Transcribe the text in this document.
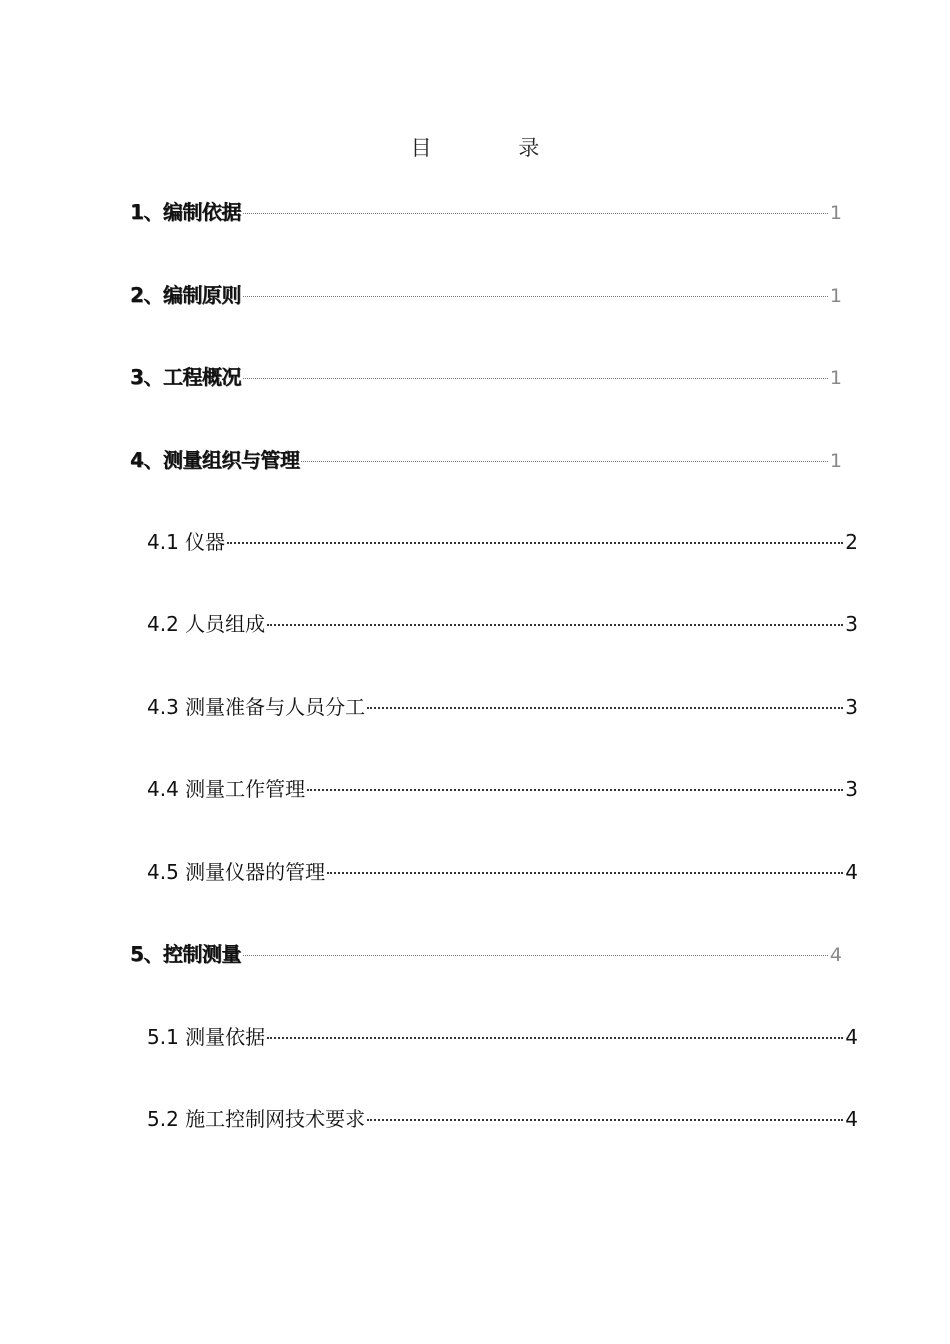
目 录
1、编制依据	1
2、编制原则	1
3、工程概况	1
4、测量组织与管理	1
4.1 仪器	2
4.2 人员组成	3
4.3 测量准备与人员分工	3
4.4 测量工作管理	3
4.5 测量仪器的管理	4
5、控制测量	4
5.1 测量依据	4
5.2 施工控制网技术要求	4
